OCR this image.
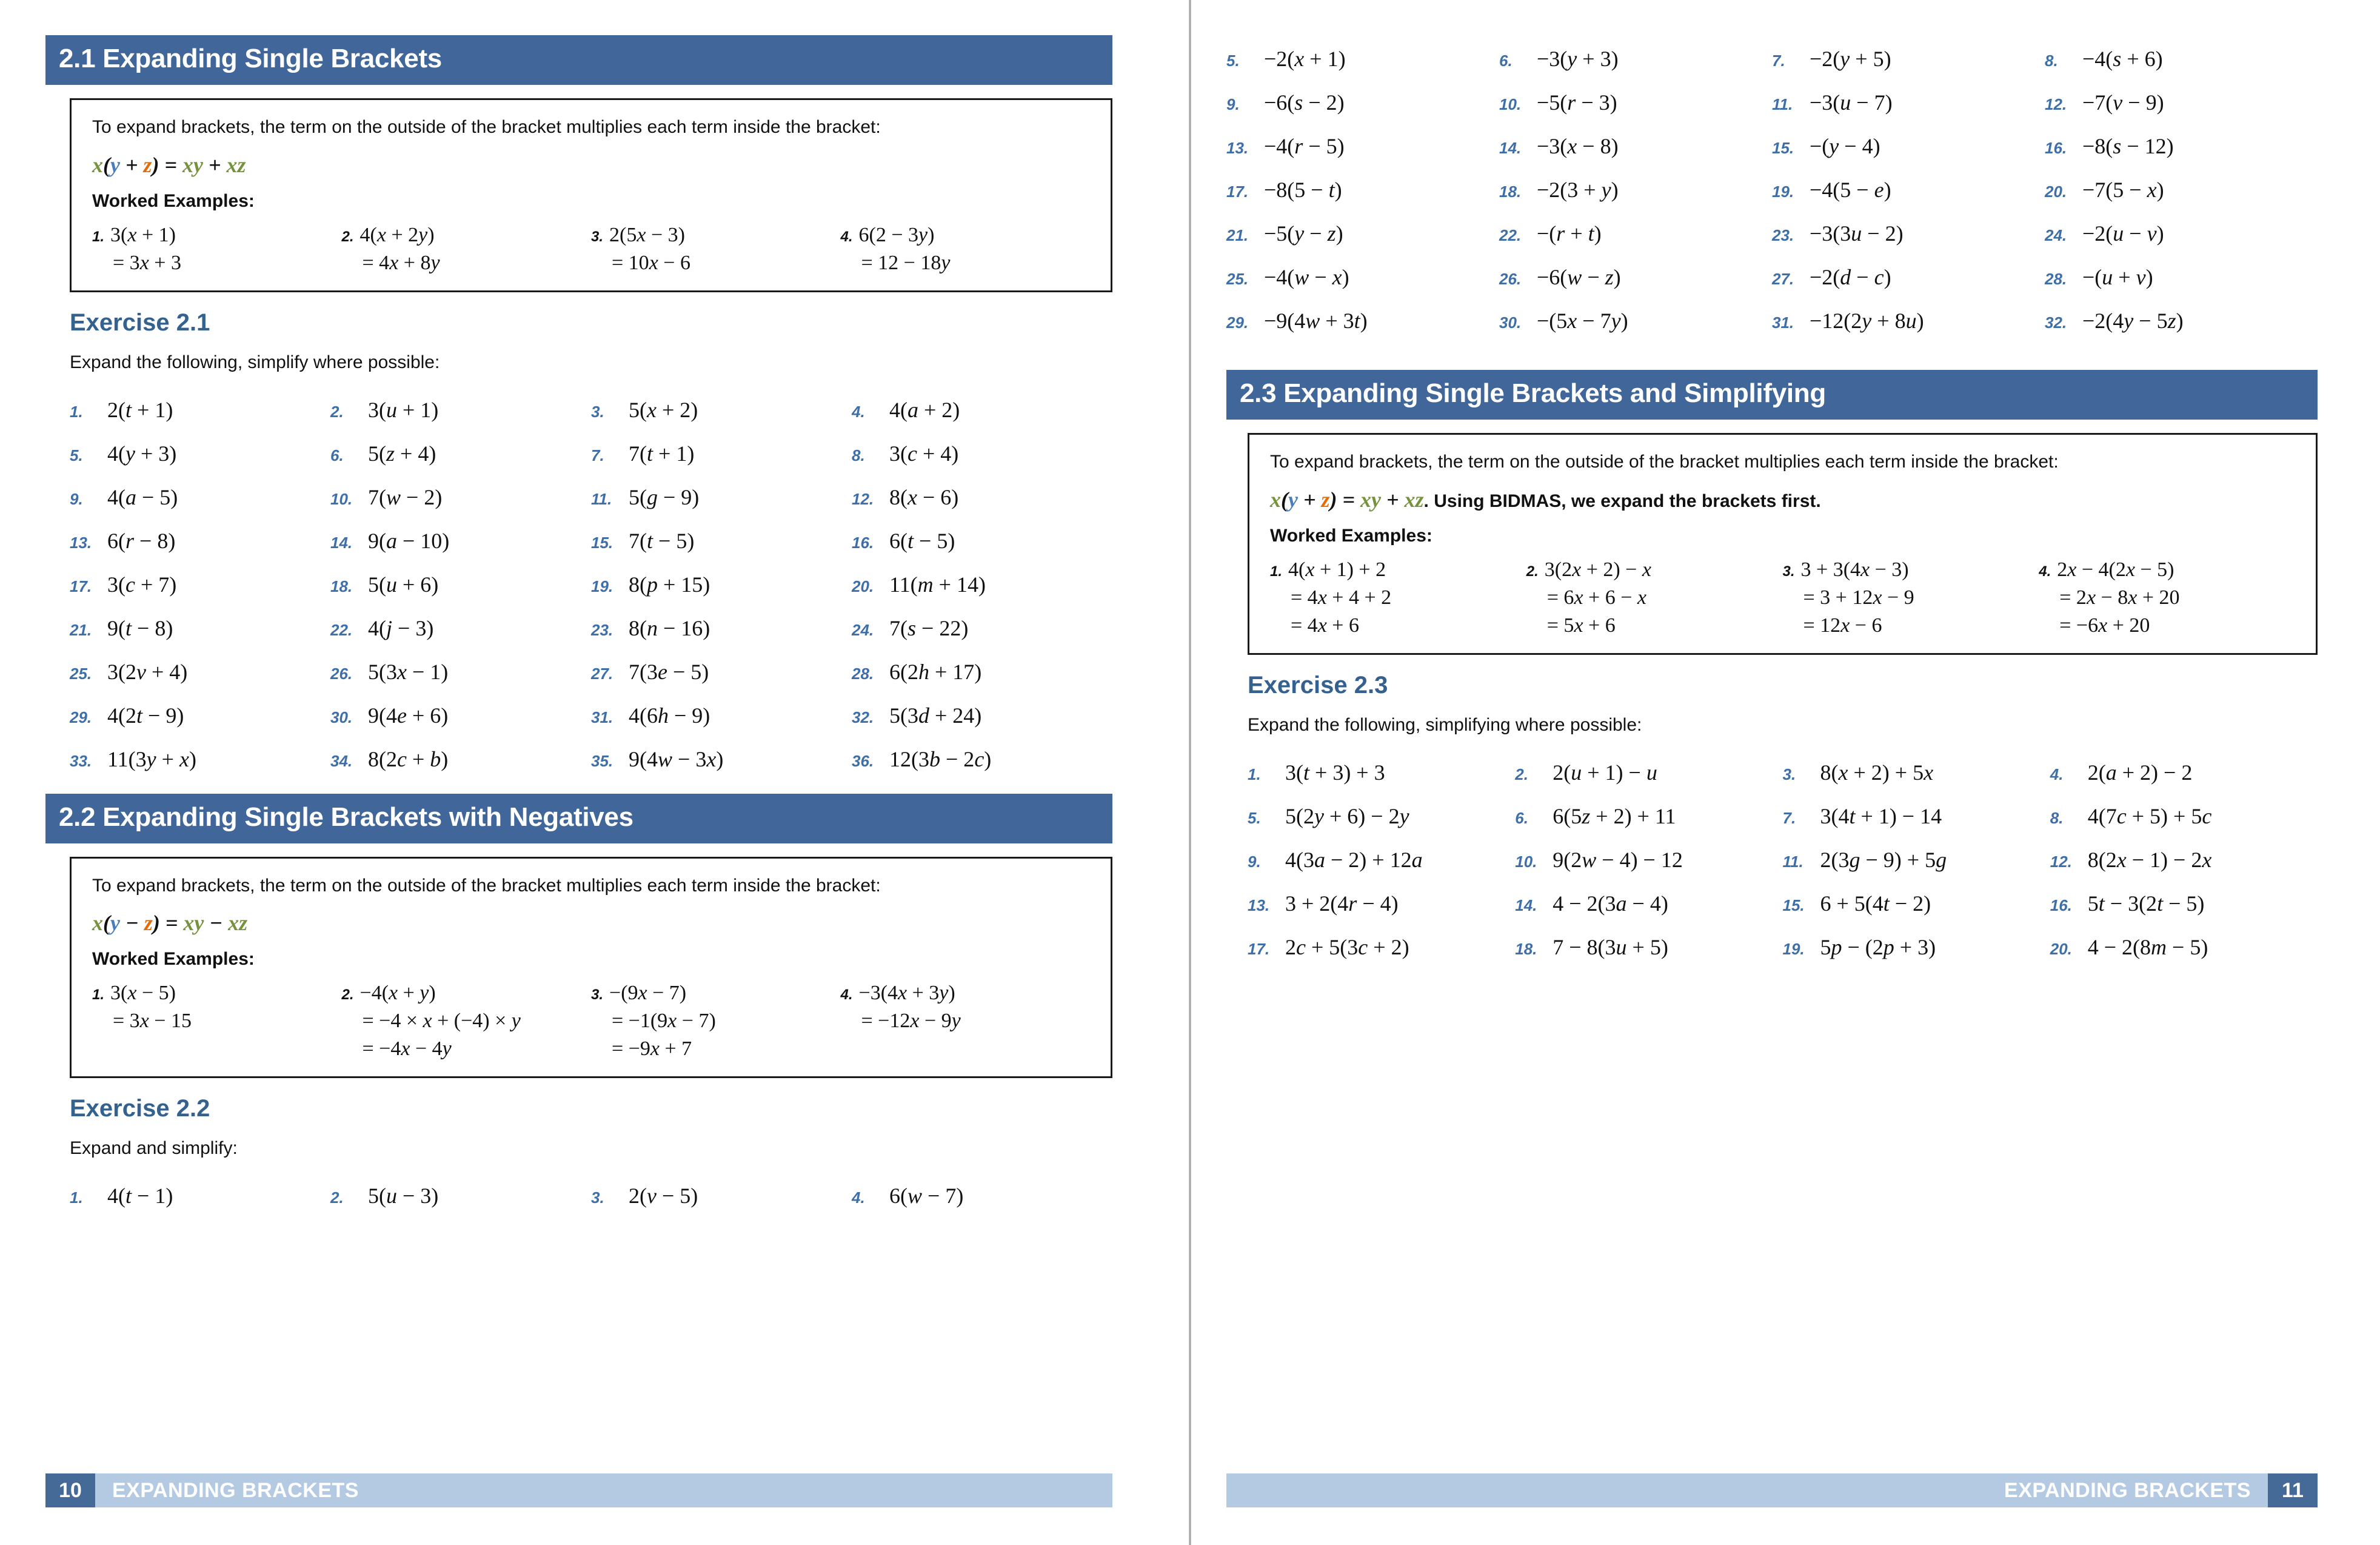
2.1 Expanding Single Brackets
To expand brackets, the term on the outside of the bracket multiplies each term inside the bracket:
x(y + z) = xy + xz
Worked Examples:
1. 3(x + 1)
= 3x + 3
2. 4(x + 2y)
= 4x + 8y
3. 2(5x − 3)
= 10x − 6
4. 6(2 − 3y)
= 12 − 18y
Exercise 2.1
Expand the following, simplify where possible:
1.	2(t + 1)	2.	3(u + 1)	3.	5(x + 2)	4.	4(a + 2)
5.	4(y + 3)	6.	5(z + 4)	7.	7(t + 1)	8.	3(c + 4)
9.	4(a − 5)	10. 7(w − 2)	11. 5(g − 9)	12. 8(x − 6)
13. 6(r − 8)	14. 9(a − 10)	15. 7(t − 5)	16. 6(t − 5)
17. 3(c + 7)	18. 5(u + 6)	19. 8(p + 15)	20. 11(m + 14)
21. 9(t − 8)	22. 4(j − 3)	23. 8(n − 16)	24. 7(s − 22)
25. 3(2v + 4)	26. 5(3x − 1)	27. 7(3e − 5)	28. 6(2h + 17)
29. 4(2t − 9)	30. 9(4e + 6)	31. 4(6h − 9)	32. 5(3d + 24)
33. 11(3y + x)	34. 8(2c + b)	35. 9(4w − 3x)	36. 12(3b − 2c)
2.2 Expanding Single Brackets with Negatives
To expand brackets, the term on the outside of the bracket multiplies each term inside the bracket:
x(y − z) = xy − xz
Worked Examples:
1. 3(x − 5)
= 3x − 15
2. −4(x + y)
= −4 × x + (−4) × y
= −4x − 4y
3. −(9x − 7)
= −1(9x − 7)
= −9x + 7
4. −3(4x + 3y)
= −12x − 9y
Exercise 2.2
Expand and simplify:
1.	4(t − 1)	2.	5(u − 3)	3.	2(v − 5)	4.	6(w − 7)
10	EXPANDING BRACKETS
5.	−2(x + 1)	6.	−3(y + 3)	7.	−2(y + 5)	8.	−4(s + 6)
9.	−6(s − 2)	10. −5(r − 3)	11. −3(u − 7)	12. −7(v − 9)
13. −4(r − 5)	14. −3(x − 8)	15. −(y − 4)	16. −8(s − 12)
17. −8(5 − t)	18. −2(3 + y)	19. −4(5 − e)	20. −7(5 − x)
21. −5(y − z)	22. −(r + t)	23. −3(3u − 2)	24. −2(u − v)
25. −4(w − x)	26. −6(w − z)	27. −2(d − c)	28. −(u + v)
29. −9(4w + 3t)	30. −(5x − 7y)	31. −12(2y + 8u)	32. −2(4y − 5z)
2.3 Expanding Single Brackets and Simplifying
To expand brackets, the term on the outside of the bracket multiplies each term inside the bracket:
x(y + z) = xy + xz. Using BIDMAS, we expand the brackets first.
Worked Examples:
1. 4(x + 1) + 2
= 4x + 4 + 2
= 4x + 6
2. 3(2x + 2) − x
= 6x + 6 − x
= 5x + 6
3. 3 + 3(4x − 3)
= 3 + 12x − 9
= 12x − 6
4. 2x − 4(2x − 5)
= 2x − 8x + 20
= −6x + 20
Exercise 2.3
Expand the following, simplifying where possible:
1.	3(t + 3) + 3	2.	2(u + 1) − u	3.	8(x + 2) + 5x	4.	2(a + 2) − 2
5.	5(2y + 6) − 2y	6.	6(5z + 2) + 11	7.	3(4t + 1) − 14	8.	4(7c + 5) + 5c
9.	4(3a − 2) + 12a	10. 9(2w − 4) − 12	11. 2(3g − 9) + 5g	12. 8(2x − 1) − 2x
13. 3 + 2(4r − 4)	14. 4 − 2(3a − 4)	15. 6 + 5(4t − 2)	16. 5t − 3(2t − 5)
17. 2c + 5(3c + 2)	18. 7 − 8(3u + 5)	19. 5p − (2p + 3)	20. 4 − 2(8m − 5)
EXPANDING BRACKETS	11
